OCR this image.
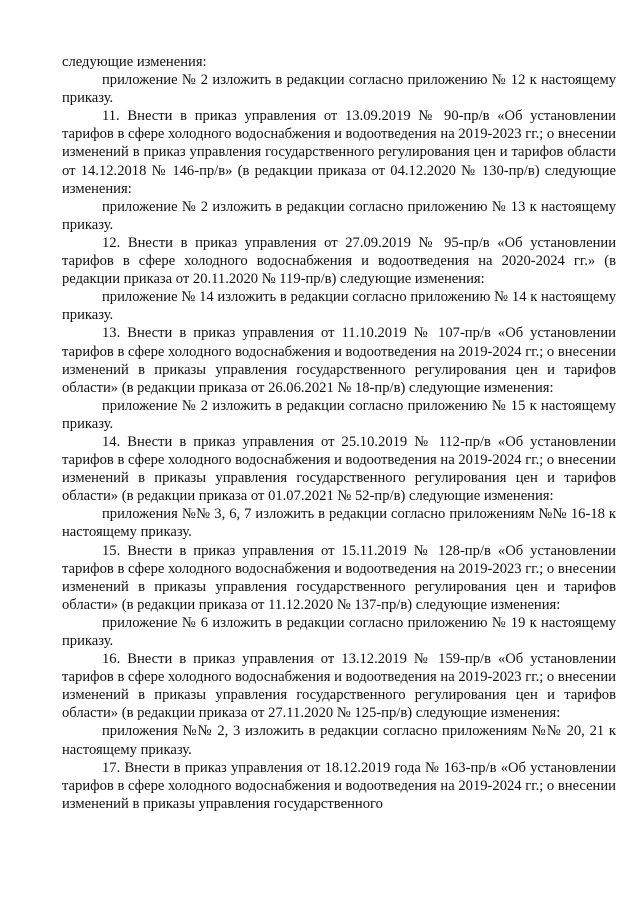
следующие изменения:

приложение № 2 изложить в редакции согласно приложению № 12 к настоящему приказу.

11. Внести в приказ управления от 13.09.2019 № 90-пр/в «Об установлении тарифов в сфере холодного водоснабжения и водоотведения на 2019-2023 гг.; о внесении изменений в приказ управления государственного регулирования цен и тарифов области от 14.12.2018 № 146-пр/в» (в редакции приказа от 04.12.2020 № 130-пр/в) следующие изменения:

приложение № 2 изложить в редакции согласно приложению № 13 к настоящему приказу.

12. Внести в приказ управления от 27.09.2019 № 95-пр/в «Об установлении тарифов в сфере холодного водоснабжения и водоотведения на 2020-2024 гг.» (в редакции приказа от 20.11.2020 № 119-пр/в) следующие изменения:

приложение № 14 изложить в редакции согласно приложению № 14 к настоящему приказу.

13. Внести в приказ управления от 11.10.2019 № 107-пр/в «Об установлении тарифов в сфере холодного водоснабжения и водоотведения на 2019-2024 гг.; о внесении изменений в приказы управления государственного регулирования цен и тарифов области» (в редакции приказа от 26.06.2021 № 18-пр/в) следующие изменения:

приложение № 2 изложить в редакции согласно приложению № 15 к настоящему приказу.

14. Внести в приказ управления от 25.10.2019 № 112-пр/в «Об установлении тарифов в сфере холодного водоснабжения и водоотведения на 2019-2024 гг.; о внесении изменений в приказы управления государственного регулирования цен и тарифов области» (в редакции приказа от 01.07.2021 № 52-пр/в) следующие изменения:

приложения №№ 3, 6, 7 изложить в редакции согласно приложениям №№ 16-18 к настоящему приказу.

15. Внести в приказ управления от 15.11.2019 № 128-пр/в «Об установлении тарифов в сфере холодного водоснабжения и водоотведения на 2019-2023 гг.; о внесении изменений в приказы управления государственного регулирования цен и тарифов области» (в редакции приказа от 11.12.2020 № 137-пр/в) следующие изменения:

приложение № 6 изложить в редакции согласно приложению № 19 к настоящему приказу.

16. Внести в приказ управления от 13.12.2019 № 159-пр/в «Об установлении тарифов в сфере холодного водоснабжения и водоотведения на 2019-2023 гг.; о внесении изменений в приказы управления государственного регулирования цен и тарифов области» (в редакции приказа от 27.11.2020 № 125-пр/в) следующие изменения:

приложения №№ 2, 3 изложить в редакции согласно приложениям №№ 20, 21 к настоящему приказу.

17. Внести в приказ управления от 18.12.2019 года № 163-пр/в «Об установлении тарифов в сфере холодного водоснабжения и водоотведения на 2019-2024 гг.; о внесении изменений в приказы управления государственного
